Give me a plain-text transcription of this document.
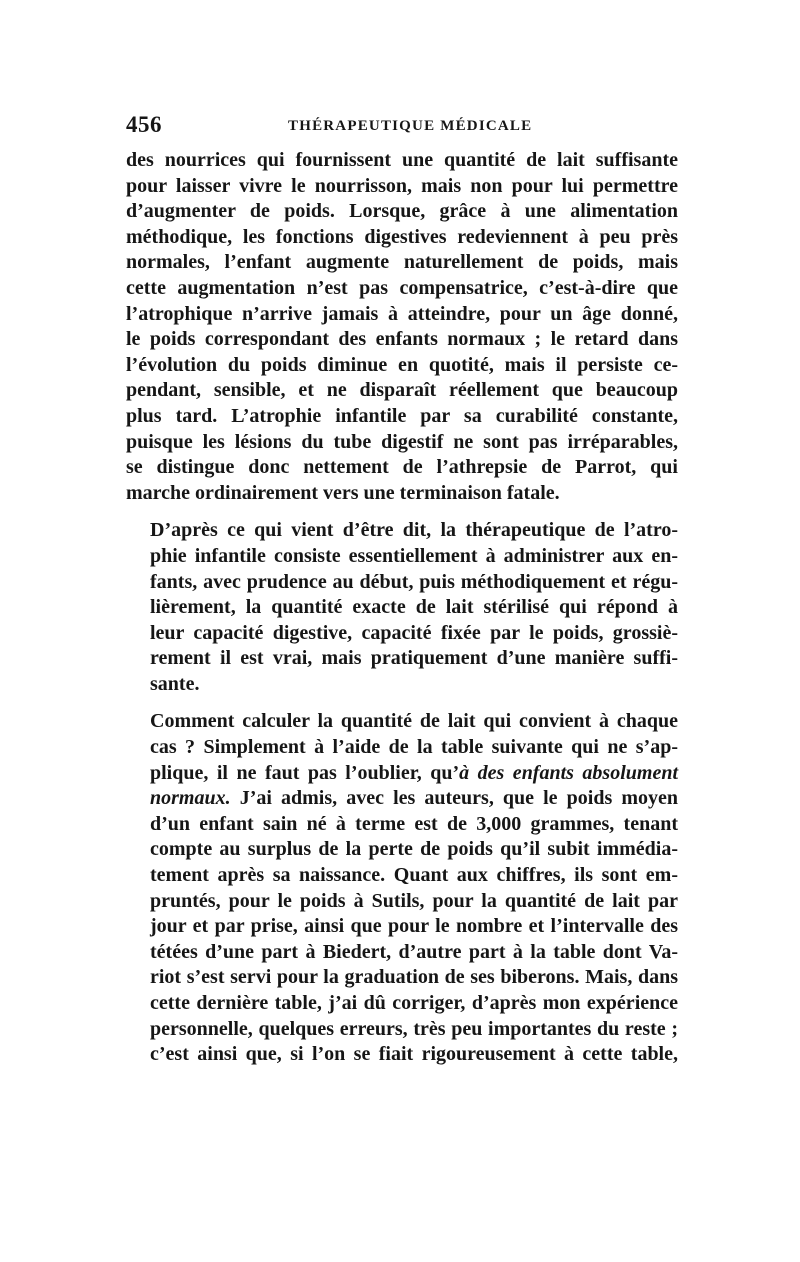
456	THÉRAPEUTIQUE MÉDICALE
des nourrices qui fournissent une quantité de lait suffisante
pour laisser vivre le nourrisson, mais non pour lui permettre
d’augmenter de poids. Lorsque, grâce à une alimentation
méthodique, les fonctions digestives redeviennent à peu près
normales, l’enfant augmente naturellement de poids, mais
cette augmentation n’est pas compensatrice, c’est-à-dire que
l’atrophique n’arrive jamais à atteindre, pour un âge donné,
le poids correspondant des enfants normaux ; le retard dans
l’évolution du poids diminue en quotité, mais il persiste ce-
pendant, sensible, et ne disparaît réellement que beaucoup
plus tard. L’atrophie infantile par sa curabilité constante,
puisque les lésions du tube digestif ne sont pas irréparables,
se distingue donc nettement de l’athrepsie de Parrot, qui
marche ordinairement vers une terminaison fatale.
D’après ce qui vient d’être dit, la thérapeutique de l’atro-
phie infantile consiste essentiellement à administrer aux en-
fants, avec prudence au début, puis méthodiquement et régu-
lièrement, la quantité exacte de lait stérilisé qui répond à
leur capacité digestive, capacité fixée par le poids, grossiè-
rement il est vrai, mais pratiquement d’une manière suffi-
sante.
Comment calculer la quantité de lait qui convient à chaque
cas ? Simplement à l’aide de la table suivante qui ne s’ap-
plique, il ne faut pas l’oublier, qu’à des enfants absolument
normaux. J’ai admis, avec les auteurs, que le poids moyen
d’un enfant sain né à terme est de 3,000 grammes, tenant
compte au surplus de la perte de poids qu’il subit immédia-
tement après sa naissance. Quant aux chiffres, ils sont em-
pruntés, pour le poids à Sutils, pour la quantité de lait par
jour et par prise, ainsi que pour le nombre et l’intervalle des
tétées d’une part à Biedert, d’autre part à la table dont Va-
riot s’est servi pour la graduation de ses biberons. Mais, dans
cette dernière table, j’ai dû corriger, d’après mon expérience
personnelle, quelques erreurs, très peu importantes du reste ;
c’est ainsi que, si l’on se fiait rigoureusement à cette table,
